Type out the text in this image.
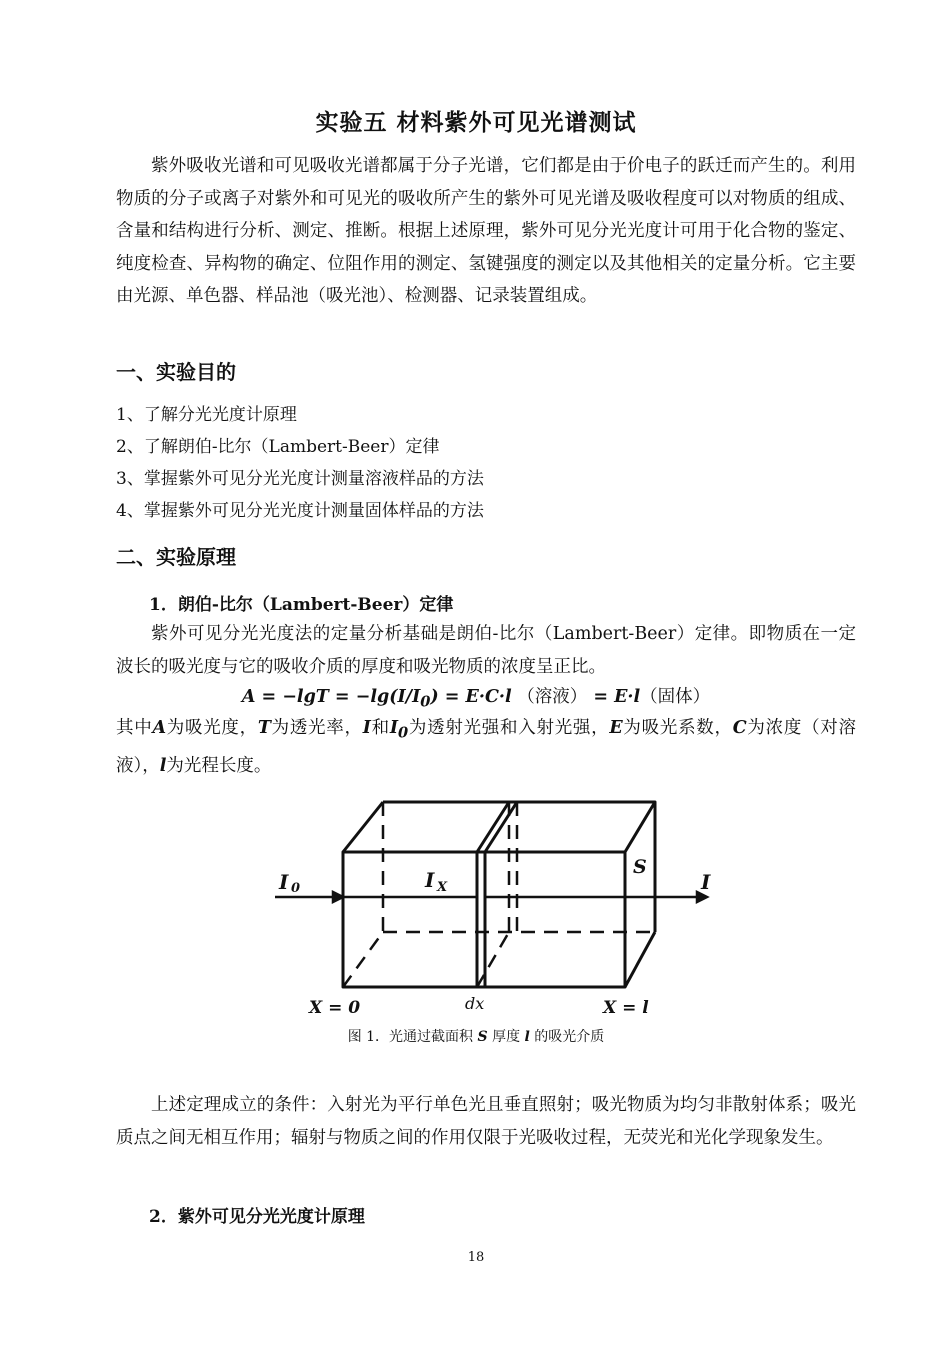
实验五 材料紫外可见光谱测试
紫外吸收光谱和可见吸收光谱都属于分子光谱，它们都是由于价电子的跃迁而产生的。利用物质的分子或离子对紫外和可见光的吸收所产生的紫外可见光谱及吸收程度可以对物质的组成、含量和结构进行分析、测定、推断。根据上述原理，紫外可见分光光度计可用于化合物的鉴定、纯度检查、异构物的确定、位阻作用的测定、氢键强度的测定以及其他相关的定量分析。它主要由光源、单色器、样品池（吸光池）、检测器、记录装置组成。
一、实验目的
1、了解分光光度计原理
2、了解朗伯-比尔（Lambert-Beer）定律
3、掌握紫外可见分光光度计测量溶液样品的方法
4、掌握紫外可见分光光度计测量固体样品的方法
二、实验原理
1．朗伯-比尔（Lambert-Beer）定律
紫外可见分光光度法的定量分析基础是朗伯-比尔（Lambert-Beer）定律。即物质在一定波长的吸光度与它的吸收介质的厚度和吸光物质的浓度呈正比。
$A = -\lg T = -\lg(I/I_0) = E\cdot C\cdot l$ （溶液） = E·l（固体）
其中A为吸光度，T为透光率，I和$I_0$为透射光强和入射光强，E为吸光系数，C为浓度（对溶液），l为光程长度。
I 0	I X
S
I
X = 0	dx	X = l
图 1．光通过截面积 S 厚度 l 的吸光介质
上述定理成立的条件：入射光为平行单色光且垂直照射；吸光物质为均匀非散射体系；吸光质点之间无相互作用；辐射与物质之间的作用仅限于光吸收过程，无荧光和光化学现象发生。
2．紫外可见分光光度计原理
18
